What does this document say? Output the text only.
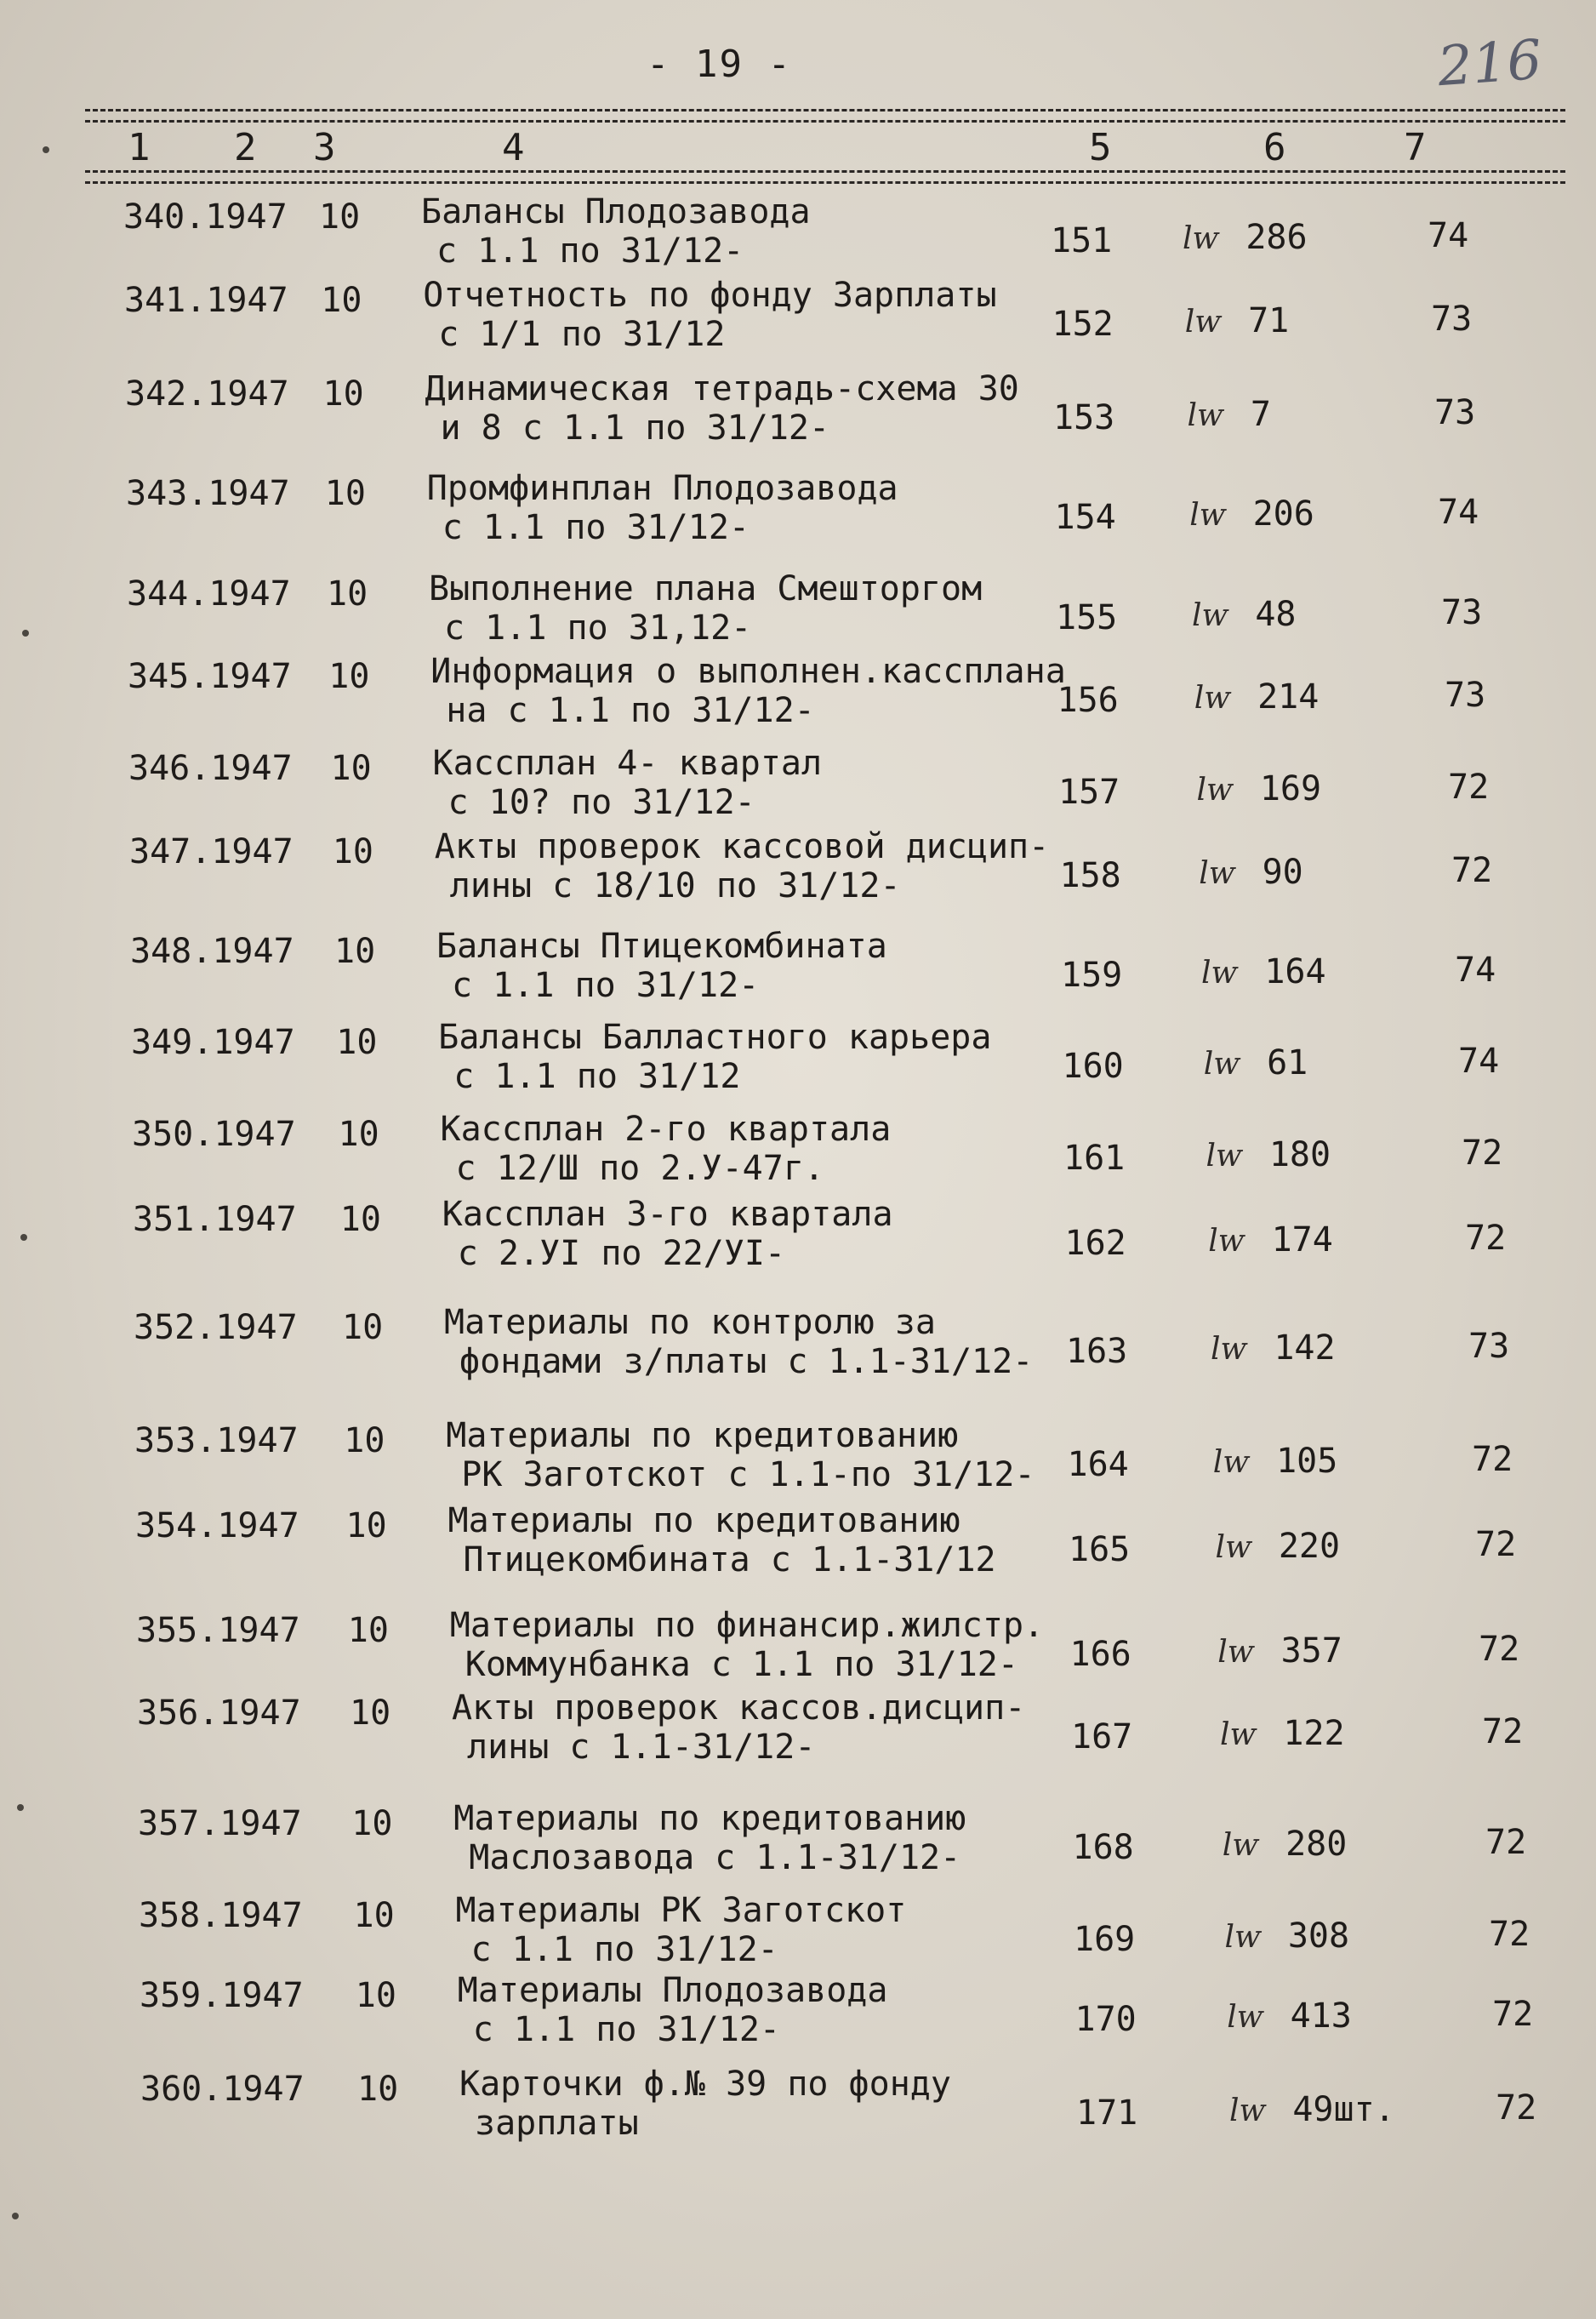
- 19 -	216
1 2 3	4	5	6	7
340.1947 10 Балансы Плодозавода
с 1.1 по 31/12-	151 lᴡ 286	74
341.1947 10 Отчетность по фонду Зарплаты
с 1/1 по 31/12	152 lᴡ 71	73
342.1947 10 Динамическая тетрадь-схема 30
и 8 с 1.1 по 31/12-	153 lᴡ 7	73
343.1947 10 Промфинплан Плодозавода
с 1.1 по 31/12-	154 lᴡ 206	74
344.1947 10 Выполнение плана Смешторгом
с 1.1 по 31,12-	155 lᴡ 48	73
345.1947 10 Информация о выполнен.кассплана
на с 1.1 по 31/12-	156 lᴡ 214	73
346.1947 10 Кассплан 4- квартал
с 10? по 31/12-	157	lᴡ 169	72
347.1947 10 Акты проверок кассовой дисцип-
лины с 18/10 по 31/12-	158	lᴡ 90	72
348.1947 10 Балансы Птицекомбината
с 1.1 по 31/12-	159	lᴡ 164	74
349.1947 10 Балансы Балластного карьера
с 1.1 по 31/12	160	lᴡ 61	74
350.1947 10 Кассплан 2-го квартала
с 12/Ш по 2.У-47г.	161	lᴡ 180	72
351.1947 10 Кассплан 3-го квартала
с 2.УI по 22/УI-	162	lᴡ 174	72
352.1947 10 Материалы по контролю за
фондами з/платы с 1.1-31/12- 163	lᴡ 142	73
353.1947 10 Материалы по кредитованию
РК Заготскот с 1.1-по 31/12- 164	lᴡ 105	72
354.1947 10 Материалы по кредитованию
Птицекомбината с 1.1-31/12 165	lᴡ 220	72
355.1947 10 Материалы по финансир.жилстр.
Коммунбанка с 1.1 по 31/12-	166	lᴡ 357	72
356.1947 10 Акты проверок кассов.дисцип-
лины с 1.1-31/12-	167	lᴡ 122	72
357.1947 10 Материалы по кредитованию
Маслозавода с 1.1-31/12-	168	lᴡ 280	72
358.1947 10 Материалы РК Заготскот
с 1.1 по 31/12-	169	lᴡ 308	72
359.1947 10 Материалы Плодозавода
с 1.1 по 31/12-	170	lᴡ 413	72
360.1947 10 Карточки ф.№ 39 по фонду
зарплаты	171	lᴡ 49шт.	72
